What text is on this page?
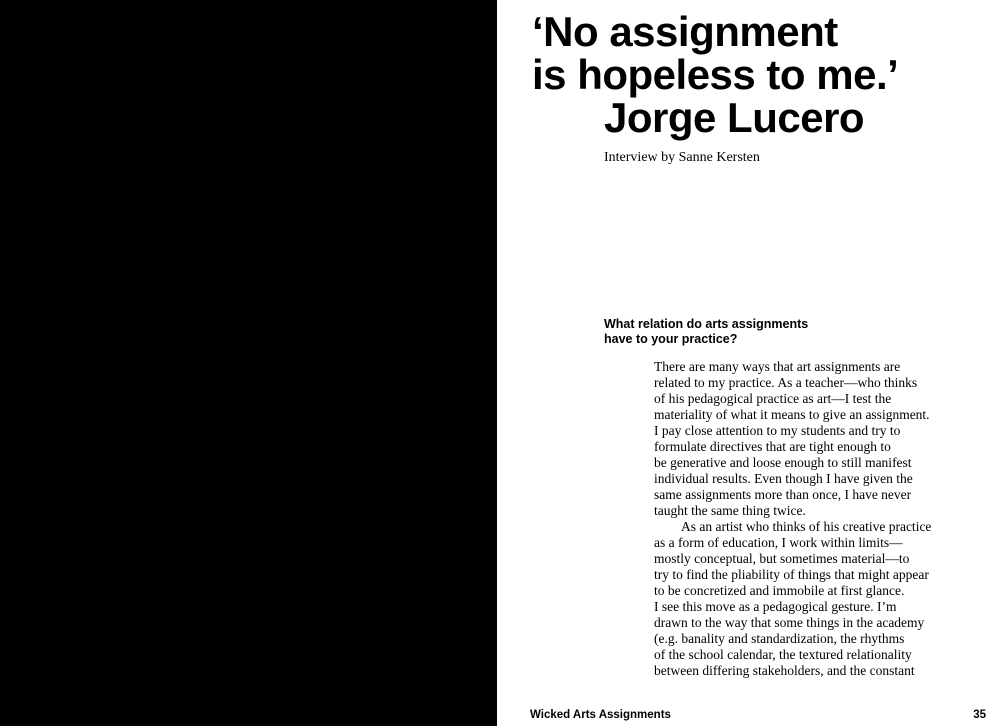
‘No assignment
is hopeless to me.’
Jorge Lucero

Interview by Sanne Kersten

What relation do arts assignments
have to your practice?
There are many ways that art assignments are
related to my practice. As a teacher—who thinks
of his pedagogical practice as art—I test the
materiality of what it means to give an assignment.
I pay close attention to my students and try to
formulate directives that are tight enough to
be generative and loose enough to still manifest
individual results. Even though I have given the
same assignments more than once, I have never
taught the same thing twice.
As an artist who thinks of his creative practice
as a form of education, I work within limits—
mostly conceptual, but sometimes material—to
try to find the pliability of things that might appear
to be concretized and immobile at first glance.
I see this move as a pedagogical gesture. I’m
drawn to the way that some things in the academy
(e.g. banality and standardization, the rhythms
of the school calendar, the textured relationality
between differing stakeholders, and the constant

Wicked Arts Assignments	35
